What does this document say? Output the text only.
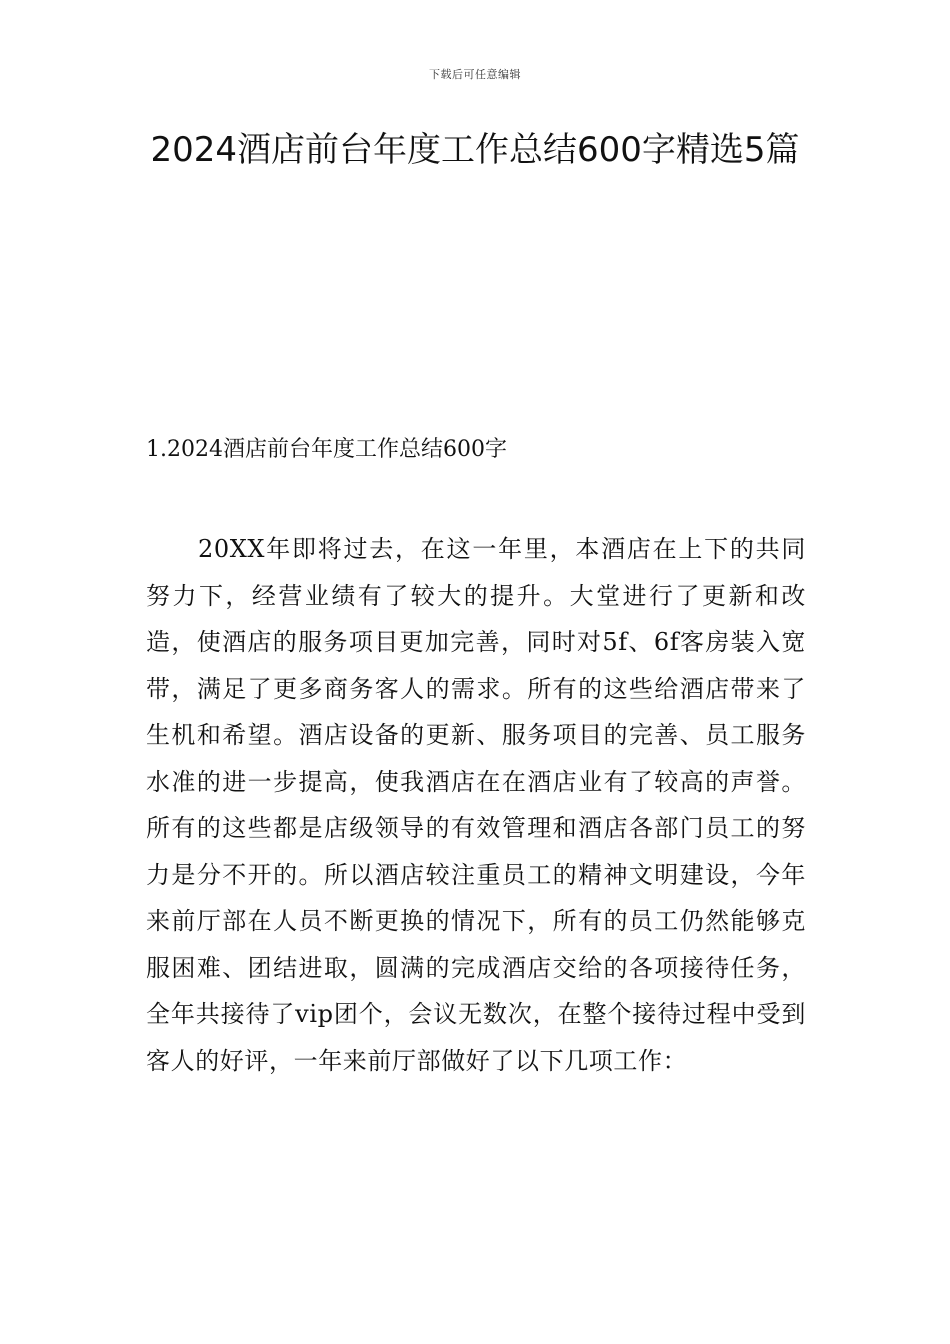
下载后可任意编辑
2024酒店前台年度工作总结600字精选5篇
1.2024酒店前台年度工作总结600字

20XX年即将过去，在这一年里，本酒店在上下的共同努力下，经营业绩有了较大的提升。大堂进行了更新和改造，使酒店的服务项目更加完善，同时对5f、6f客房装入宽带，满足了更多商务客人的需求。所有的这些给酒店带来了生机和希望。酒店设备的更新、服务项目的完善、员工服务水准的进一步提高，使我酒店在在酒店业有了较高的声誉。所有的这些都是店级领导的有效管理和酒店各部门员工的努力是分不开的。所以酒店较注重员工的精神文明建设，今年来前厅部在人员不断更换的情况下，所有的员工仍然能够克服困难、团结进取，圆满的完成酒店交给的各项接待任务，全年共接待了vip团个，会议无数次，在整个接待过程中受到客人的好评，一年来前厅部做好了以下几项工作：
